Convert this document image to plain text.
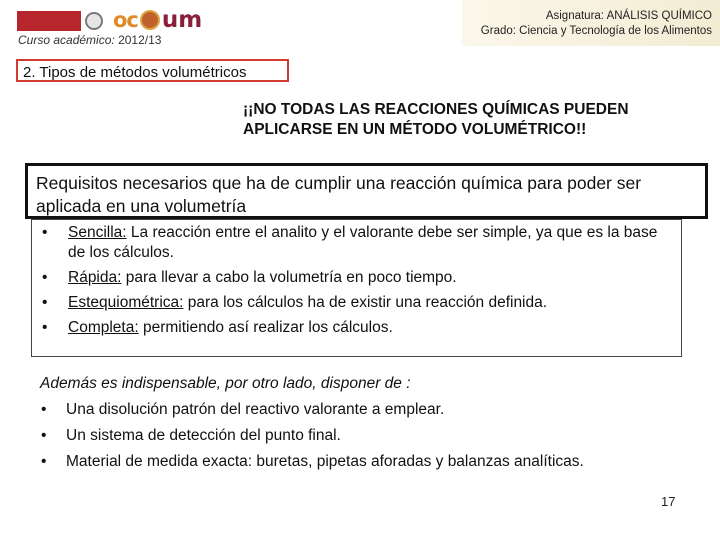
oc um
Curso académico: 2012/13
Asignatura: ANÁLISIS QUÍMICO
Grado: Ciencia y Tecnología de los Alimentos
2. Tipos de métodos volumétricos
¡¡NO TODAS LAS REACCIONES QUÍMICAS PUEDEN APLICARSE EN UN MÉTODO VOLUMÉTRICO!!
Requisitos necesarios que ha de cumplir una reacción química para poder ser aplicada en una volumetría
• Sencilla: La reacción entre el analito y el valorante debe ser simple, ya que es la base de los cálculos.
• Rápida: para llevar a cabo la volumetría en poco tiempo.
• Estequiométrica: para los cálculos ha de existir una reacción definida.
• Completa: permitiendo así realizar los cálculos.
Además es indispensable, por otro lado, disponer de :
• Una disolución patrón del reactivo valorante a emplear.
• Un sistema de detección del punto final.
• Material de medida exacta: buretas, pipetas aforadas y balanzas analíticas.
17
